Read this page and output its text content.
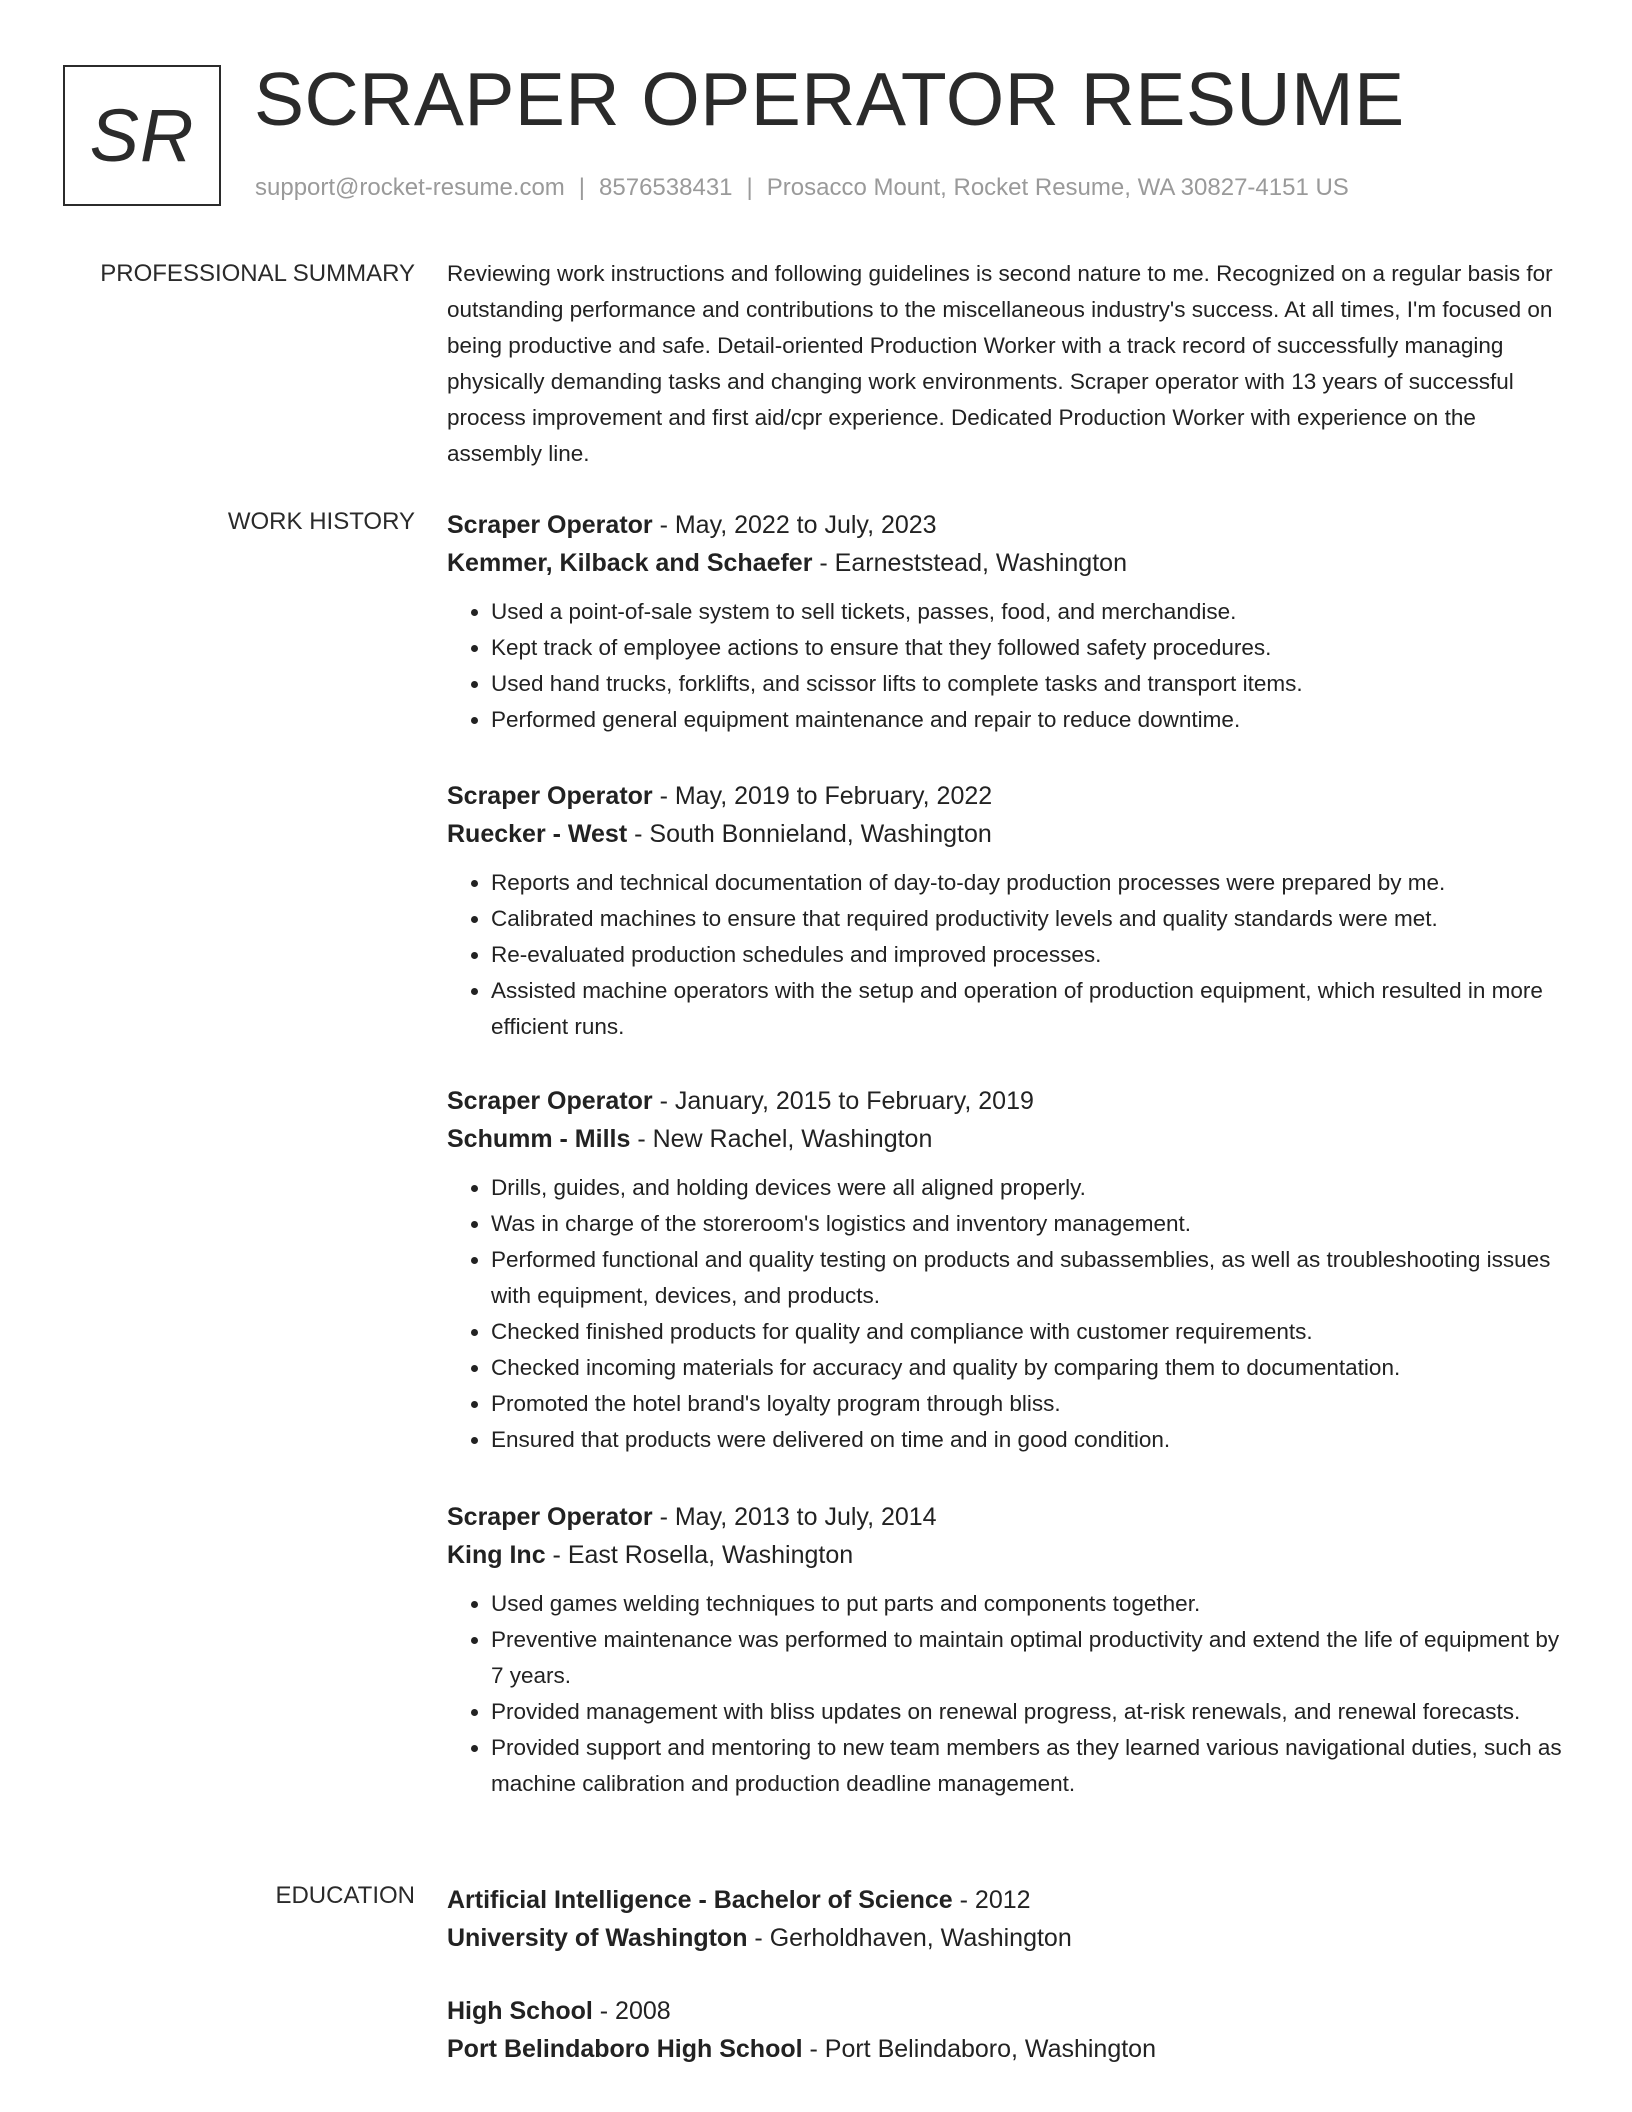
SR SCRAPER OPERATOR RESUME
support@rocket-resume.com | 8576538431 | Prosacco Mount, Rocket Resume, WA 30827-4151 US
PROFESSIONAL SUMMARY Reviewing work instructions and following guidelines is second nature to me. Recognized on a regular basis for outstanding performance and contributions to the miscellaneous industry's success. At all times, I'm focused on being productive and safe. Detail-oriented Production Worker with a track record of successfully managing physically demanding tasks and changing work environments. Scraper operator with 13 years of successful process improvement and first aid/cpr experience. Dedicated Production Worker with experience on the assembly line.

WORK HISTORY Scraper Operator - May, 2022 to July, 2023
Kemmer, Kilback and Schaefer - Earneststead, Washington
• Used a point-of-sale system to sell tickets, passes, food, and merchandise.
• Kept track of employee actions to ensure that they followed safety procedures.
• Used hand trucks, forklifts, and scissor lifts to complete tasks and transport items.
• Performed general equipment maintenance and repair to reduce downtime.
Scraper Operator - May, 2019 to February, 2022
Ruecker - West - South Bonnieland, Washington
• Reports and technical documentation of day-to-day production processes were prepared by me.
• Calibrated machines to ensure that required productivity levels and quality standards were met.
• Re-evaluated production schedules and improved processes.
• Assisted machine operators with the setup and operation of production equipment, which resulted in more efficient runs.
Scraper Operator - January, 2015 to February, 2019
Schumm - Mills - New Rachel, Washington
• Drills, guides, and holding devices were all aligned properly.
• Was in charge of the storeroom's logistics and inventory management.
• Performed functional and quality testing on products and subassemblies, as well as troubleshooting issues with equipment, devices, and products.
• Checked finished products for quality and compliance with customer requirements.
• Checked incoming materials for accuracy and quality by comparing them to documentation.
• Promoted the hotel brand's loyalty program through bliss.
• Ensured that products were delivered on time and in good condition.
Scraper Operator - May, 2013 to July, 2014
King Inc - East Rosella, Washington
• Used games welding techniques to put parts and components together.
• Preventive maintenance was performed to maintain optimal productivity and extend the life of equipment by 7 years.
• Provided management with bliss updates on renewal progress, at-risk renewals, and renewal forecasts.
• Provided support and mentoring to new team members as they learned various navigational duties, such as machine calibration and production deadline management.
EDUCATION Artificial Intelligence - Bachelor of Science - 2012
University of Washington - Gerholdhaven, Washington
High School - 2008
Port Belindaboro High School - Port Belindaboro, Washington
